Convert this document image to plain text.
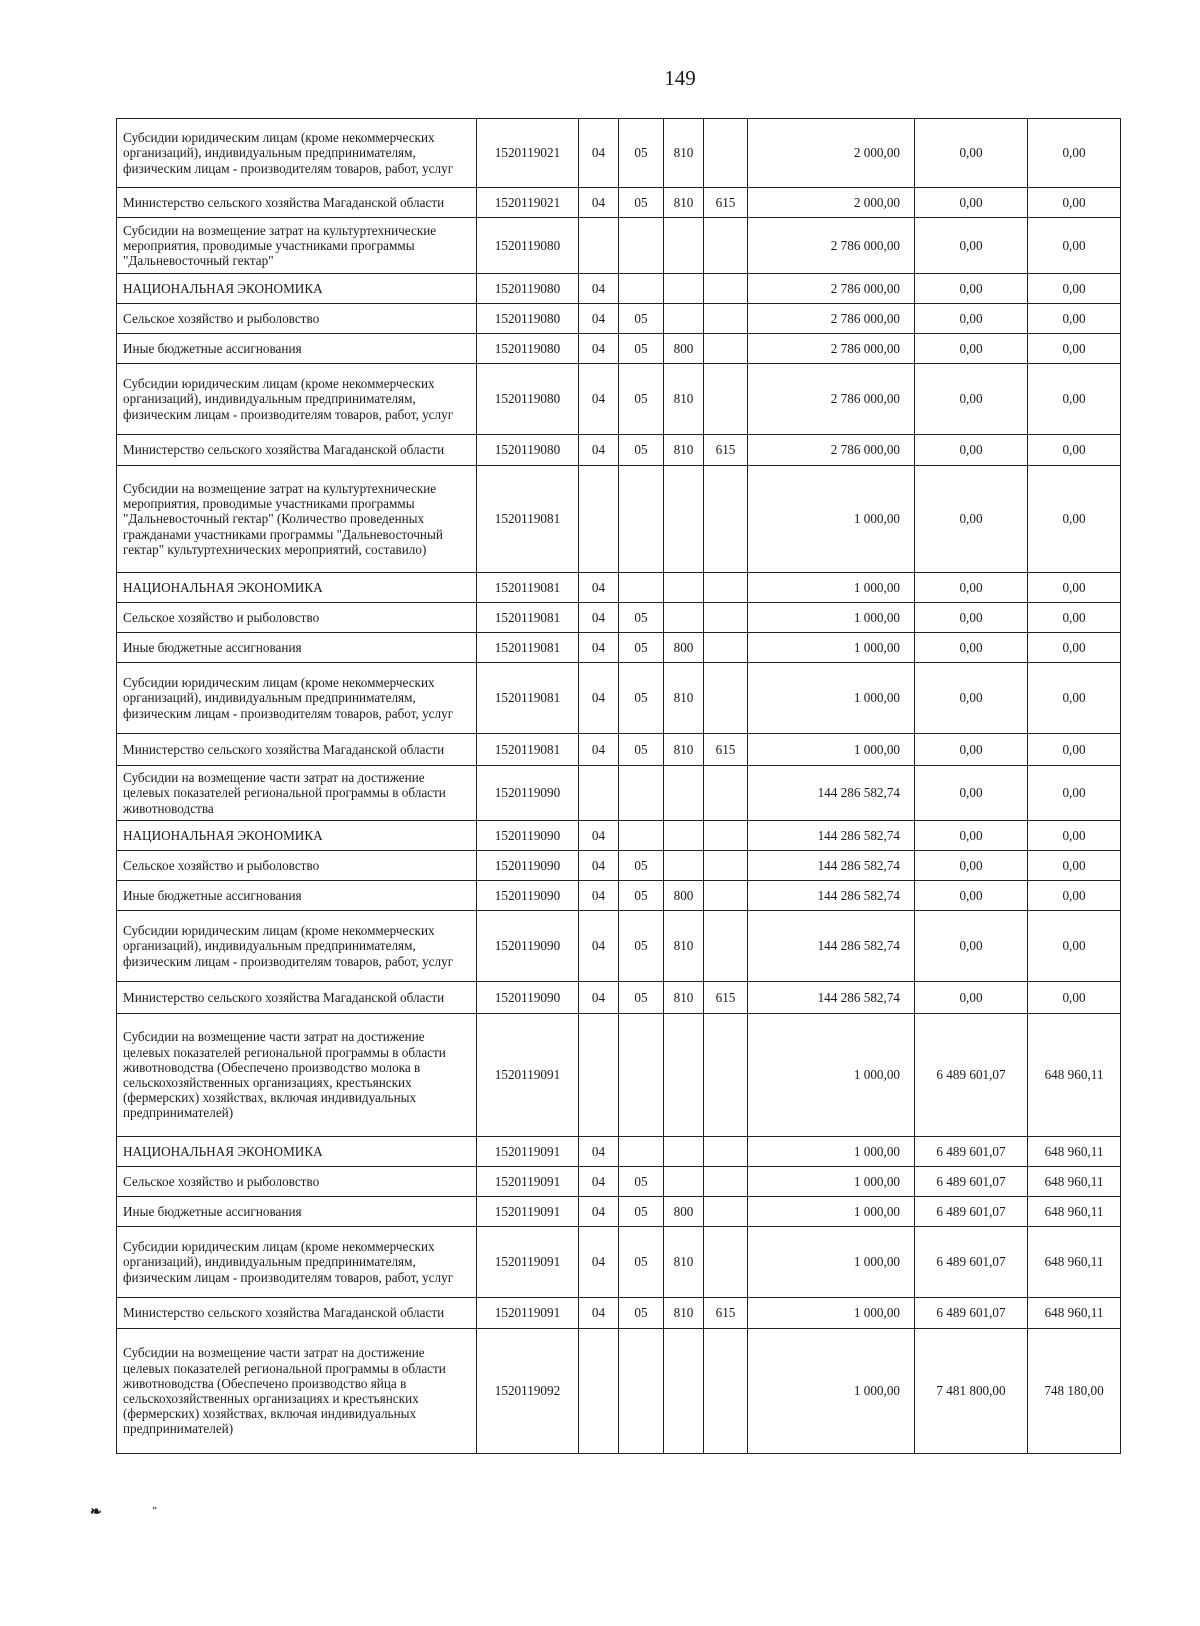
149
Субсидии юридическим лицам (кроме некоммерческих организаций), индивидуальным предпринимателям, физическим лицам - производителям товаров, работ, услуг	1520119021	04	05	810		2 000,00	0,00	0,00
Министерство сельского хозяйства Магаданской области	1520119021	04	05	810	615	2 000,00	0,00	0,00
Субсидии на возмещение затрат на культуртехнические мероприятия, проводимые участниками программы "Дальневосточный гектар"	1520119080					2 786 000,00	0,00	0,00
НАЦИОНАЛЬНАЯ ЭКОНОМИКА	1520119080	04				2 786 000,00	0,00	0,00
Сельское хозяйство и рыболовство	1520119080	04	05			2 786 000,00	0,00	0,00
Иные бюджетные ассигнования	1520119080	04	05	800		2 786 000,00	0,00	0,00
Субсидии юридическим лицам (кроме некоммерческих организаций), индивидуальным предпринимателям, физическим лицам - производителям товаров, работ, услуг	1520119080	04	05	810		2 786 000,00	0,00	0,00
Министерство сельского хозяйства Магаданской области	1520119080	04	05	810	615	2 786 000,00	0,00	0,00
Субсидии на возмещение затрат на культуртехнические мероприятия, проводимые участниками программы "Дальневосточный гектар" (Количество проведенных гражданами участниками программы "Дальневосточный гектар" культуртехнических мероприятий, составило)	1520119081					1 000,00	0,00	0,00
НАЦИОНАЛЬНАЯ ЭКОНОМИКА	1520119081	04				1 000,00	0,00	0,00
Сельское хозяйство и рыболовство	1520119081	04	05			1 000,00	0,00	0,00
Иные бюджетные ассигнования	1520119081	04	05	800		1 000,00	0,00	0,00
Субсидии юридическим лицам (кроме некоммерческих организаций), индивидуальным предпринимателям, физическим лицам - производителям товаров, работ, услуг	1520119081	04	05	810		1 000,00	0,00	0,00
Министерство сельского хозяйства Магаданской области	1520119081	04	05	810	615	1 000,00	0,00	0,00
Субсидии на возмещение части затрат на достижение целевых показателей региональной программы в области животноводства	1520119090					144 286 582,74	0,00	0,00
НАЦИОНАЛЬНАЯ ЭКОНОМИКА	1520119090	04				144 286 582,74	0,00	0,00
Сельское хозяйство и рыболовство	1520119090	04	05			144 286 582,74	0,00	0,00
Иные бюджетные ассигнования	1520119090	04	05	800		144 286 582,74	0,00	0,00
Субсидии юридическим лицам (кроме некоммерческих организаций), индивидуальным предпринимателям, физическим лицам - производителям товаров, работ, услуг	1520119090	04	05	810		144 286 582,74	0,00	0,00
Министерство сельского хозяйства Магаданской области	1520119090	04	05	810	615	144 286 582,74	0,00	0,00
Субсидии на возмещение части затрат на достижение целевых показателей региональной программы в области животноводства (Обеспечено производство молока в сельскохозяйственных организациях, крестьянских (фермерских) хозяйствах, включая индивидуальных предпринимателей)	1520119091					1 000,00	6 489 601,07	648 960,11
НАЦИОНАЛЬНАЯ ЭКОНОМИКА	1520119091	04				1 000,00	6 489 601,07	648 960,11
Сельское хозяйство и рыболовство	1520119091	04	05			1 000,00	6 489 601,07	648 960,11
Иные бюджетные ассигнования	1520119091	04	05	800		1 000,00	6 489 601,07	648 960,11
Субсидии юридическим лицам (кроме некоммерческих организаций), индивидуальным предпринимателям, физическим лицам - производителям товаров, работ, услуг	1520119091	04	05	810		1 000,00	6 489 601,07	648 960,11
Министерство сельского хозяйства Магаданской области	1520119091	04	05	810	615	1 000,00	6 489 601,07	648 960,11
Субсидии на возмещение части затрат на достижение целевых показателей региональной программы в области животноводства (Обеспечено производство яйца в сельскохозяйственных организациях и крестьянских (фермерских) хозяйствах, включая индивидуальных предпринимателей)	1520119092					1 000,00	7 481 800,00	748 180,00
❧	"
